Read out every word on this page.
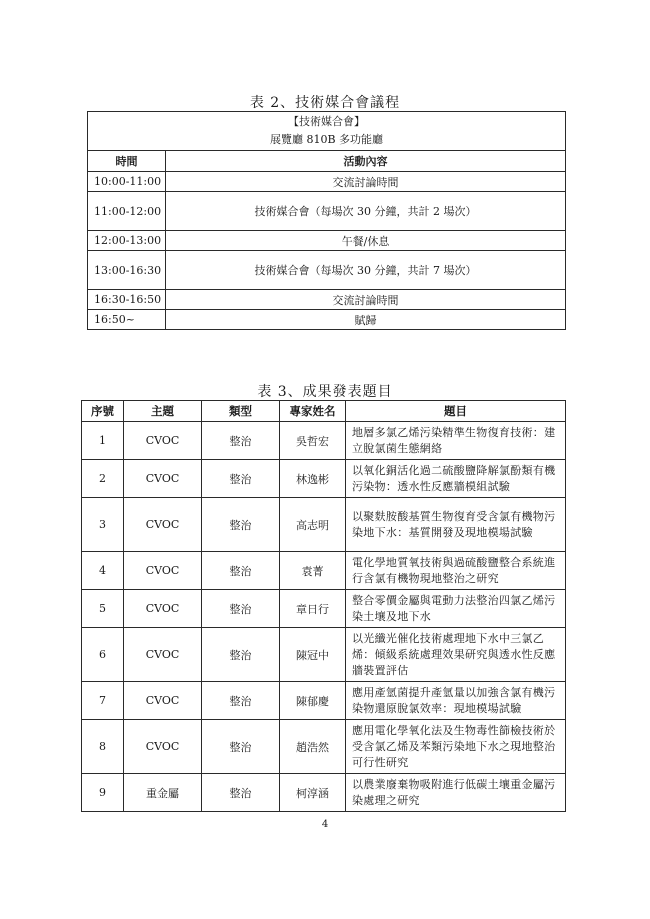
表 2、技術媒合會議程
【技術媒合會】
展覽廳 810B 多功能廳	

時間	活動內容
10:00-11:00	交流討論時間
11:00-12:00	技術媒合會（每場次 30 分鐘，共計 2 場次）
12:00-13:00	午餐/休息
13:00-16:30	技術媒合會（每場次 30 分鐘，共計 7 場次）
16:30-16:50	交流討論時間
16:50~	賦歸
表 3、成果發表題目
序號	主題	類型	專家姓名	題目
1	CVOC	整治	吳哲宏	地層多氯乙烯污染精準生物復育技術：建立脫氯菌生態網絡
2	CVOC	整治	林逸彬	以氧化銅活化過二硫酸鹽降解氯酚類有機污染物：透水性反應牆模組試驗
3	CVOC	整治	高志明	以聚麩胺酸基質生物復育受含氯有機物污染地下水：基質開發及現地模場試驗
4	CVOC	整治	袁菁	電化學地質氧技術與過硫酸鹽整合系統進行含氯有機物現地整治之研究
5	CVOC	整治	章日行	整合零價金屬與電動力法整治四氯乙烯污染土壤及地下水
6	CVOC	整治	陳冠中	以光纖光催化技術處理地下水中三氯乙烯：傾級系統處理效果研究與透水性反應牆裝置評估
7	CVOC	整治	陳郁慶	應用產氫菌提升產氫量以加強含氯有機污染物還原脫氯效率：現地模場試驗
8	CVOC	整治	趙浩然	應用電化學氧化法及生物毒性篩檢技術於受含氯乙烯及苯類污染地下水之現地整治可行性研究
9	重金屬	整治	柯淳涵	以農業廢棄物吸附進行低碳土壤重金屬污染處理之研究
4
